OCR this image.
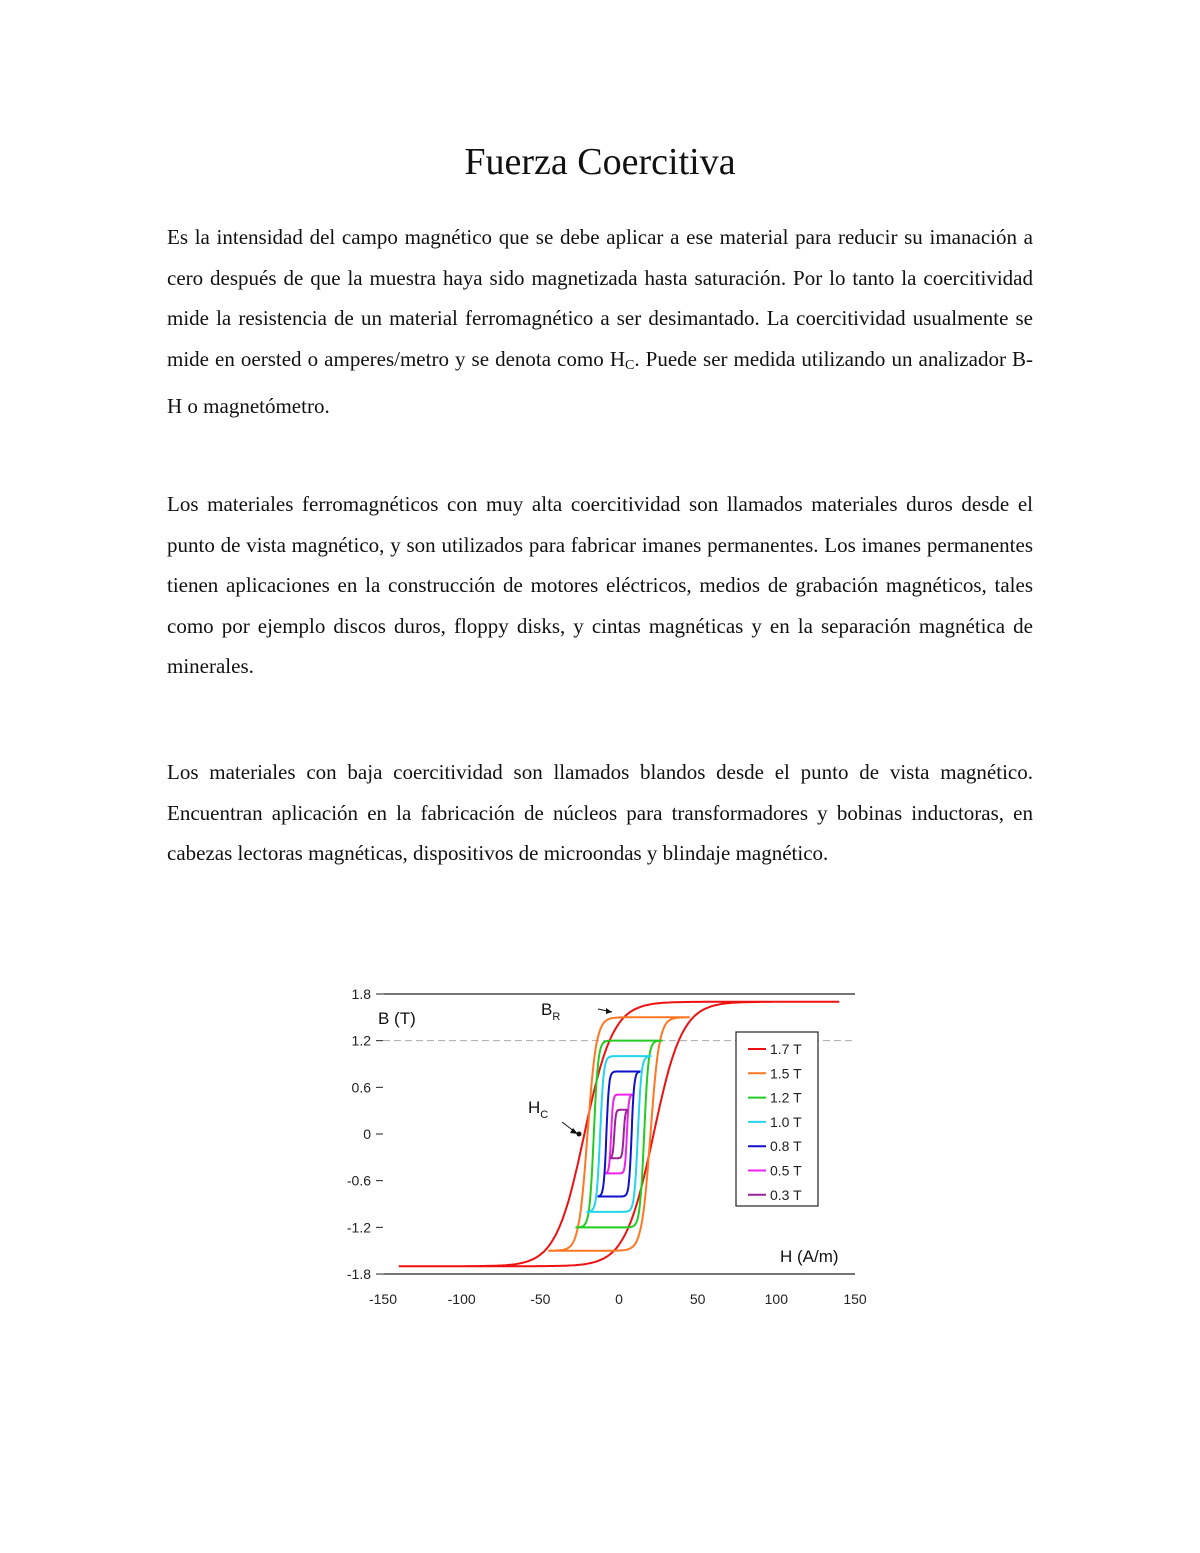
Fuerza Coercitiva

Es la intensidad del campo magnético que se debe aplicar a ese material para reducir su imanación a cero después de que la muestra haya sido magnetizada hasta saturación. Por lo tanto la coercitividad mide la resistencia de un material ferromagnético a ser desimantado. La coercitividad usualmente se mide en oersted o amperes/metro y se denota como $H_C$. Puede ser medida utilizando un analizador B-H o magnetómetro.

Los materiales ferromagnéticos con muy alta coercitividad son llamados materiales duros desde el punto de vista magnético, y son utilizados para fabricar imanes permanentes. Los imanes permanentes tienen aplicaciones en la construcción de motores eléctricos, medios de grabación magnéticos, tales como por ejemplo discos duros, floppy disks, y cintas magnéticas y en la separación magnética de minerales.

Los materiales con baja coercitividad son llamados blandos desde el punto de vista magnético. Encuentran aplicación en la fabricación de núcleos para transformadores y bobinas inductoras, en cabezas lectoras magnéticas, dispositivos de microondas y blindaje magnético.

1.8
1.2
0.6
0
-0.6
-1.2
-1.8
-150	-100	-50	0	50	100	150
B (T)
H (A/m)
$B_R$
$H_C$
1.7 T
1.5 T
1.2 T
1.0 T
0.8 T
0.5 T
0.3 T
